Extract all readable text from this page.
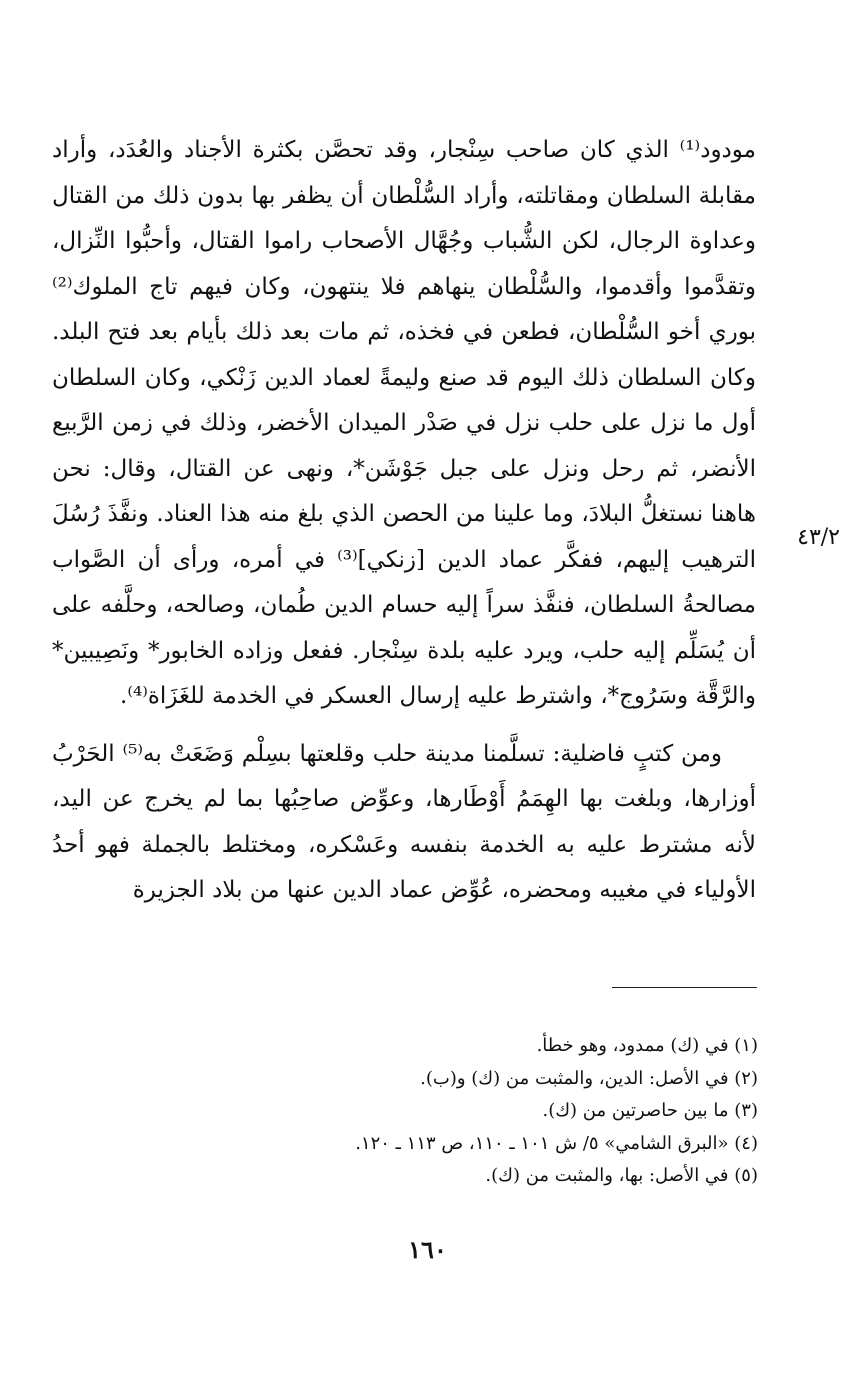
مودود⁽¹⁾ الذي كان صاحب سِنْجار، وقد تحصَّن بكثرة الأجناد والعُدَد، وأراد مقابلة السلطان ومقاتلته، وأراد السُّلْطان أن يظفر بها بدون ذلك من القتال وعداوة الرجال، لكن الشُّباب وجُهَّال الأصحاب راموا القتال، وأحبُّوا النِّزال، وتقدَّموا وأقدموا، والسُّلْطان ينهاهم فلا ينتهون، وكان فيهم تاج الملوك⁽²⁾ بوري أخو السُّلْطان، فطعن في فخذه، ثم مات بعد ذلك بأيام بعد فتح البلد. وكان السلطان ذلك اليوم قد صنع وليمةً لعماد الدين زَنْكي، وكان السلطان أول ما نزل على حلب نزل في صَدْر الميدان الأخضر، وذلك في زمن الرَّبيع الأنضر، ثم رحل ونزل على جبل جَوْشَن*، ونهى عن القتال، وقال: نحن هاهنا نستغلُّ البلادَ، وما علينا من الحصن الذي بلغ منه هذا العناد. ونفَّذَ رُسُلَ الترهيب إليهم، ففكَّر عماد الدين [زنكي]⁽³⁾ في أمره، ورأى أن الصَّواب مصالحةُ السلطان، فنفَّذ سراً إليه حسام الدين طُمان، وصالحه، وحلَّفه على أن يُسَلِّم إليه حلب، ويرد عليه بلدة سِنْجار. ففعل وزاده الخابور* ونَصِيبين* والرَّقَّة وسَرُوج*، واشترط عليه إرسال العسكر في الخدمة للغَزَاة⁽⁴⁾.

ومن كتبٍ فاضلية: تسلَّمنا مدينة حلب وقلعتها بسِلْم وَضَعَتْ به⁽⁵⁾ الحَرْبُ أوزارها، وبلغت بها الهِمَمُ أَوْطَارها، وعوِّض صاحِبُها بما لم يخرج عن اليد، لأنه مشترط عليه به الخدمة بنفسه وعَسْكره، ومختلط بالجملة فهو أحدُ الأولياء في مغيبه ومحضره، عُوِّض عماد الدين عنها من بلاد الجزيرة

٤٣/٢
(١) في (ك) ممدود، وهو خطأ.
(٢) في الأصل: الدين، والمثبت من (ك) و(ب).
(٣) ما بين حاصرتين من (ك).
(٤) «البرق الشامي» ٥/ ش ١٠١ ـ ١١٠، ص ١١٣ ـ ١٢٠.
(٥) في الأصل: بها، والمثبت من (ك).
١٦٠
